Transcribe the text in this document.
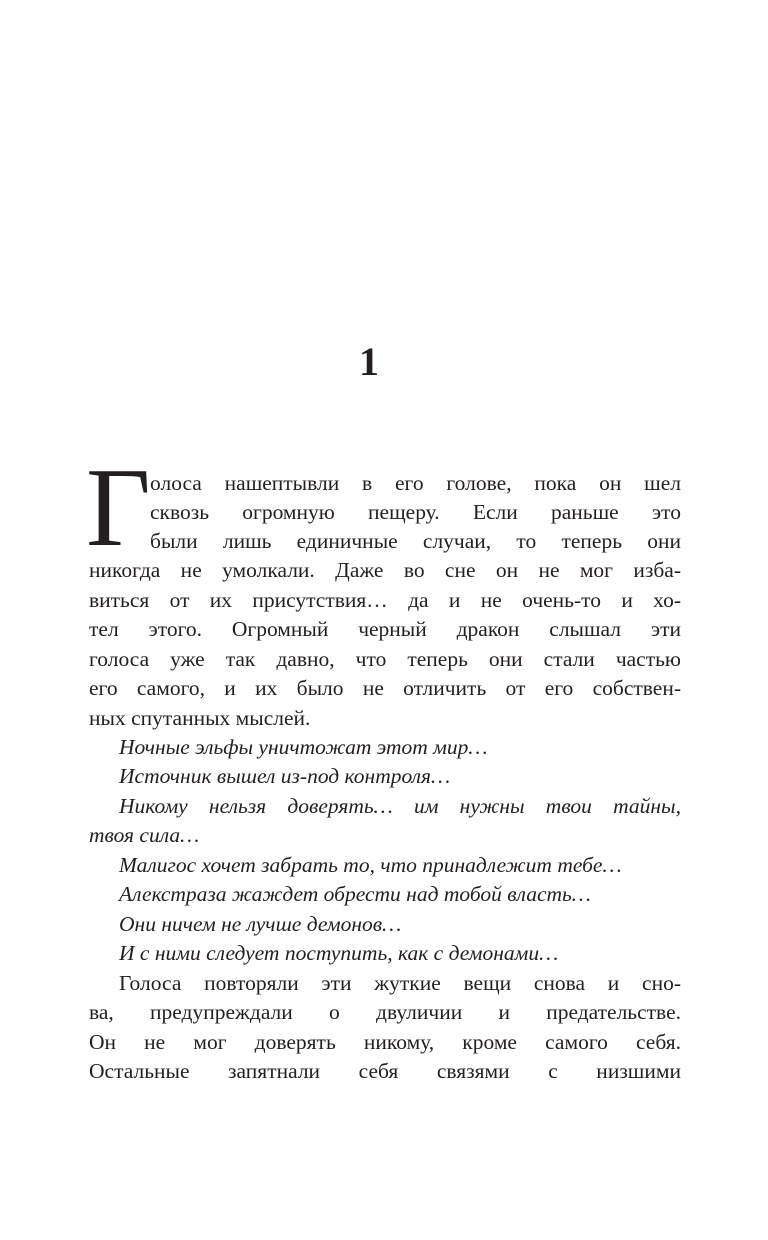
1
Г олоса нашептывли в его голове, пока он шел
сквозь огромную пещеру. Если раньше это
были лишь единичные случаи, то теперь они
никогда не умолкали. Даже во сне он не мог изба-
виться от их присутствия… да и не очень-то и хо-
тел этого. Огромный черный дракон слышал эти
голоса уже так давно, что теперь они стали частью
его самого, и их было не отличить от его собствен-
ных спутанных мыслей.
Ночные эльфы уничтожат этот мир…
Источник вышел из-под контроля…
Никому нельзя доверять… им нужны твои тайны,
твоя сила…
Малигос хочет забрать то, что принадлежит тебе…
Алекстраза жаждет обрести над тобой власть…
Они ничем не лучше демонов…
И с ними следует поступить, как с демонами…
Голоса повторяли эти жуткие вещи снова и сно-
ва, предупреждали о двуличии и предательстве.
Он не мог доверять никому, кроме самого себя.
Остальные запятнали себя связями с низшими
